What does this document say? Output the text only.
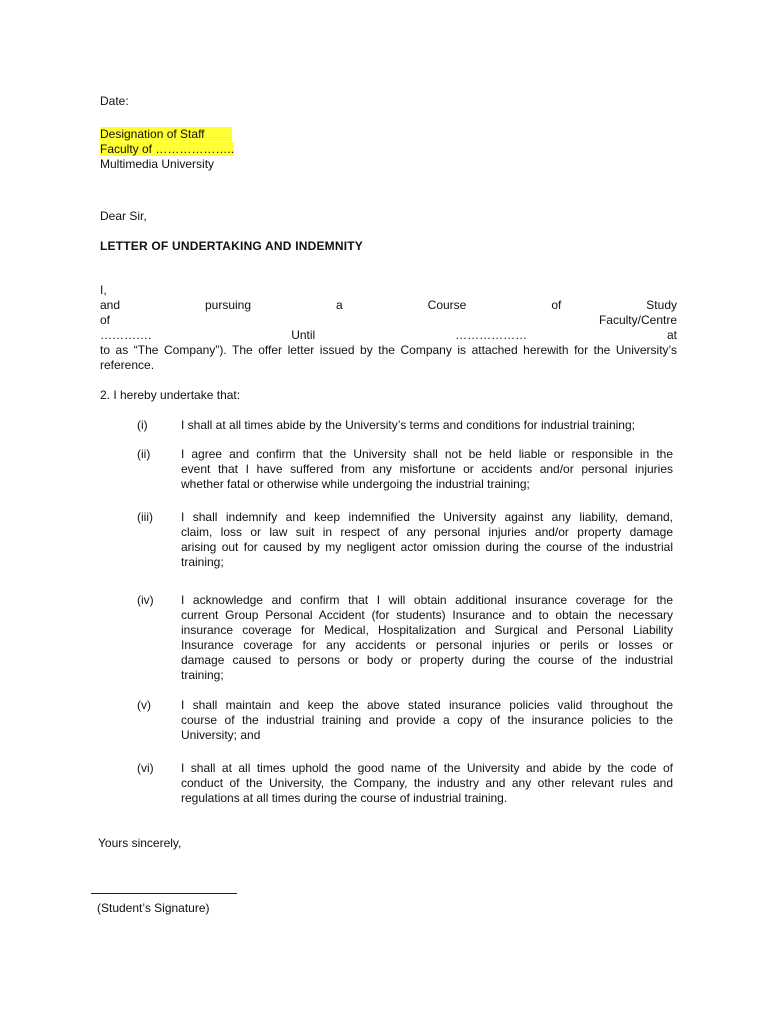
Date:
Designation of Staff
Faculty of ………………..
Multimedia University
Dear Sir,
LETTER OF UNDERTAKING AND INDEMNITY
I,
and pursuing a Course of Study
of Faculty/Centre
…………. Until ……………… at
to as “The Company”). The offer letter issued by the Company is attached herewith for the University’s
reference.
2. I hereby undertake that:
(i)	I shall at all times abide by the University’s terms and conditions for industrial training;
(ii)	I agree and confirm that the University shall not be held liable or responsible in the
event that I have suffered from any misfortune or accidents and/or personal injuries
whether fatal or otherwise while undergoing the industrial training;
(iii) I shall indemnify and keep indemnified the University against any liability, demand,
claim, loss or law suit in respect of any personal injuries and/or property damage
arising out for caused by my negligent actor omission during the course of the industrial
training;
(iv) I acknowledge and confirm that I will obtain additional insurance coverage for the
current Group Personal Accident (for students) Insurance and to obtain the necessary
insurance coverage for Medical, Hospitalization and Surgical and Personal Liability
Insurance coverage for any accidents or personal injuries or perils or losses or
damage caused to persons or body or property during the course of the industrial
training;
(v)	I shall maintain and keep the above stated insurance policies valid throughout the
course of the industrial training and provide a copy of the insurance policies to the
University; and
(vi) I shall at all times uphold the good name of the University and abide by the code of
conduct of the University, the Company, the industry and any other relevant rules and
regulations at all times during the course of industrial training.
Yours sincerely,
(Student’s Signature)
